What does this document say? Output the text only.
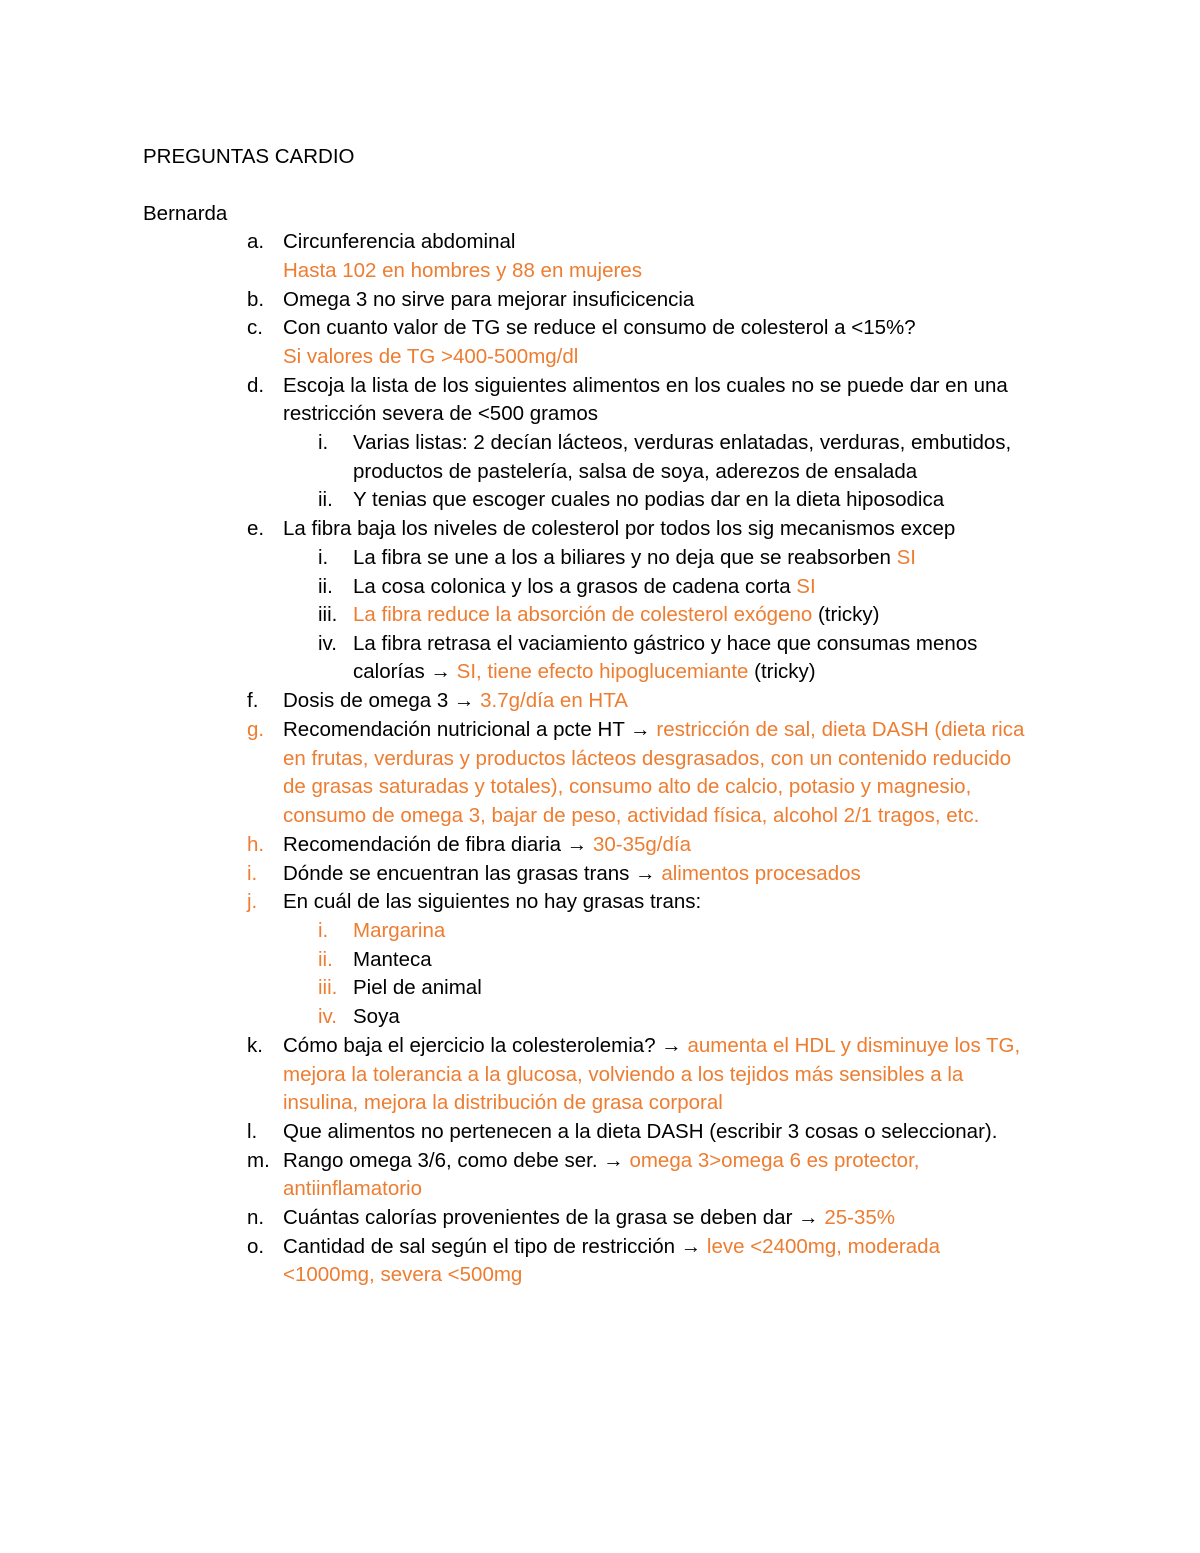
PREGUNTAS CARDIO
Bernarda
a. Circunferencia abdominal
Hasta 102 en hombres y 88 en mujeres
b. Omega 3 no sirve para mejorar insuficicencia
c. Con cuanto valor de TG se reduce el consumo de colesterol a <15%?
Si valores de TG >400-500mg/dl
d. Escoja la lista de los siguientes alimentos en los cuales no se puede dar en una
restricción severa de <500 gramos
i. Varias listas: 2 decían lácteos, verduras enlatadas, verduras, embutidos,
productos de pastelería, salsa de soya, aderezos de ensalada
ii. Y tenias que escoger cuales no podias dar en la dieta hiposodica
e. La fibra baja los niveles de colesterol por todos los sig mecanismos excep
i. La fibra se une a los a biliares y no deja que se reabsorben SI
ii. La cosa colonica y los a grasos de cadena corta SI
iii. La fibra reduce la absorción de colesterol exógeno (tricky)
iv. La fibra retrasa el vaciamiento gástrico y hace que consumas menos
calorías → SI, tiene efecto hipoglucemiante (tricky)
f. Dosis de omega 3 → 3.7g/día en HTA
g. Recomendación nutricional a pcte HT → restricción de sal, dieta DASH (dieta rica
en frutas, verduras y productos lácteos desgrasados, con un contenido reducido
de grasas saturadas y totales), consumo alto de calcio, potasio y magnesio,
consumo de omega 3, bajar de peso, actividad física, alcohol 2/1 tragos, etc.
h. Recomendación de fibra diaria → 30-35g/día
i. Dónde se encuentran las grasas trans → alimentos procesados
j. En cuál de las siguientes no hay grasas trans:
i. Margarina
ii. Manteca
iii. Piel de animal
iv. Soya
k. Cómo baja el ejercicio la colesterolemia? → aumenta el HDL y disminuye los TG,
mejora la tolerancia a la glucosa, volviendo a los tejidos más sensibles a la
insulina, mejora la distribución de grasa corporal
l. Que alimentos no pertenecen a la dieta DASH (escribir 3 cosas o seleccionar).
m. Rango omega 3/6, como debe ser. → omega 3>omega 6 es protector,
antiinflamatorio
n. Cuántas calorías provenientes de la grasa se deben dar → 25-35%
o. Cantidad de sal según el tipo de restricción → leve <2400mg, moderada
<1000mg, severa <500mg
